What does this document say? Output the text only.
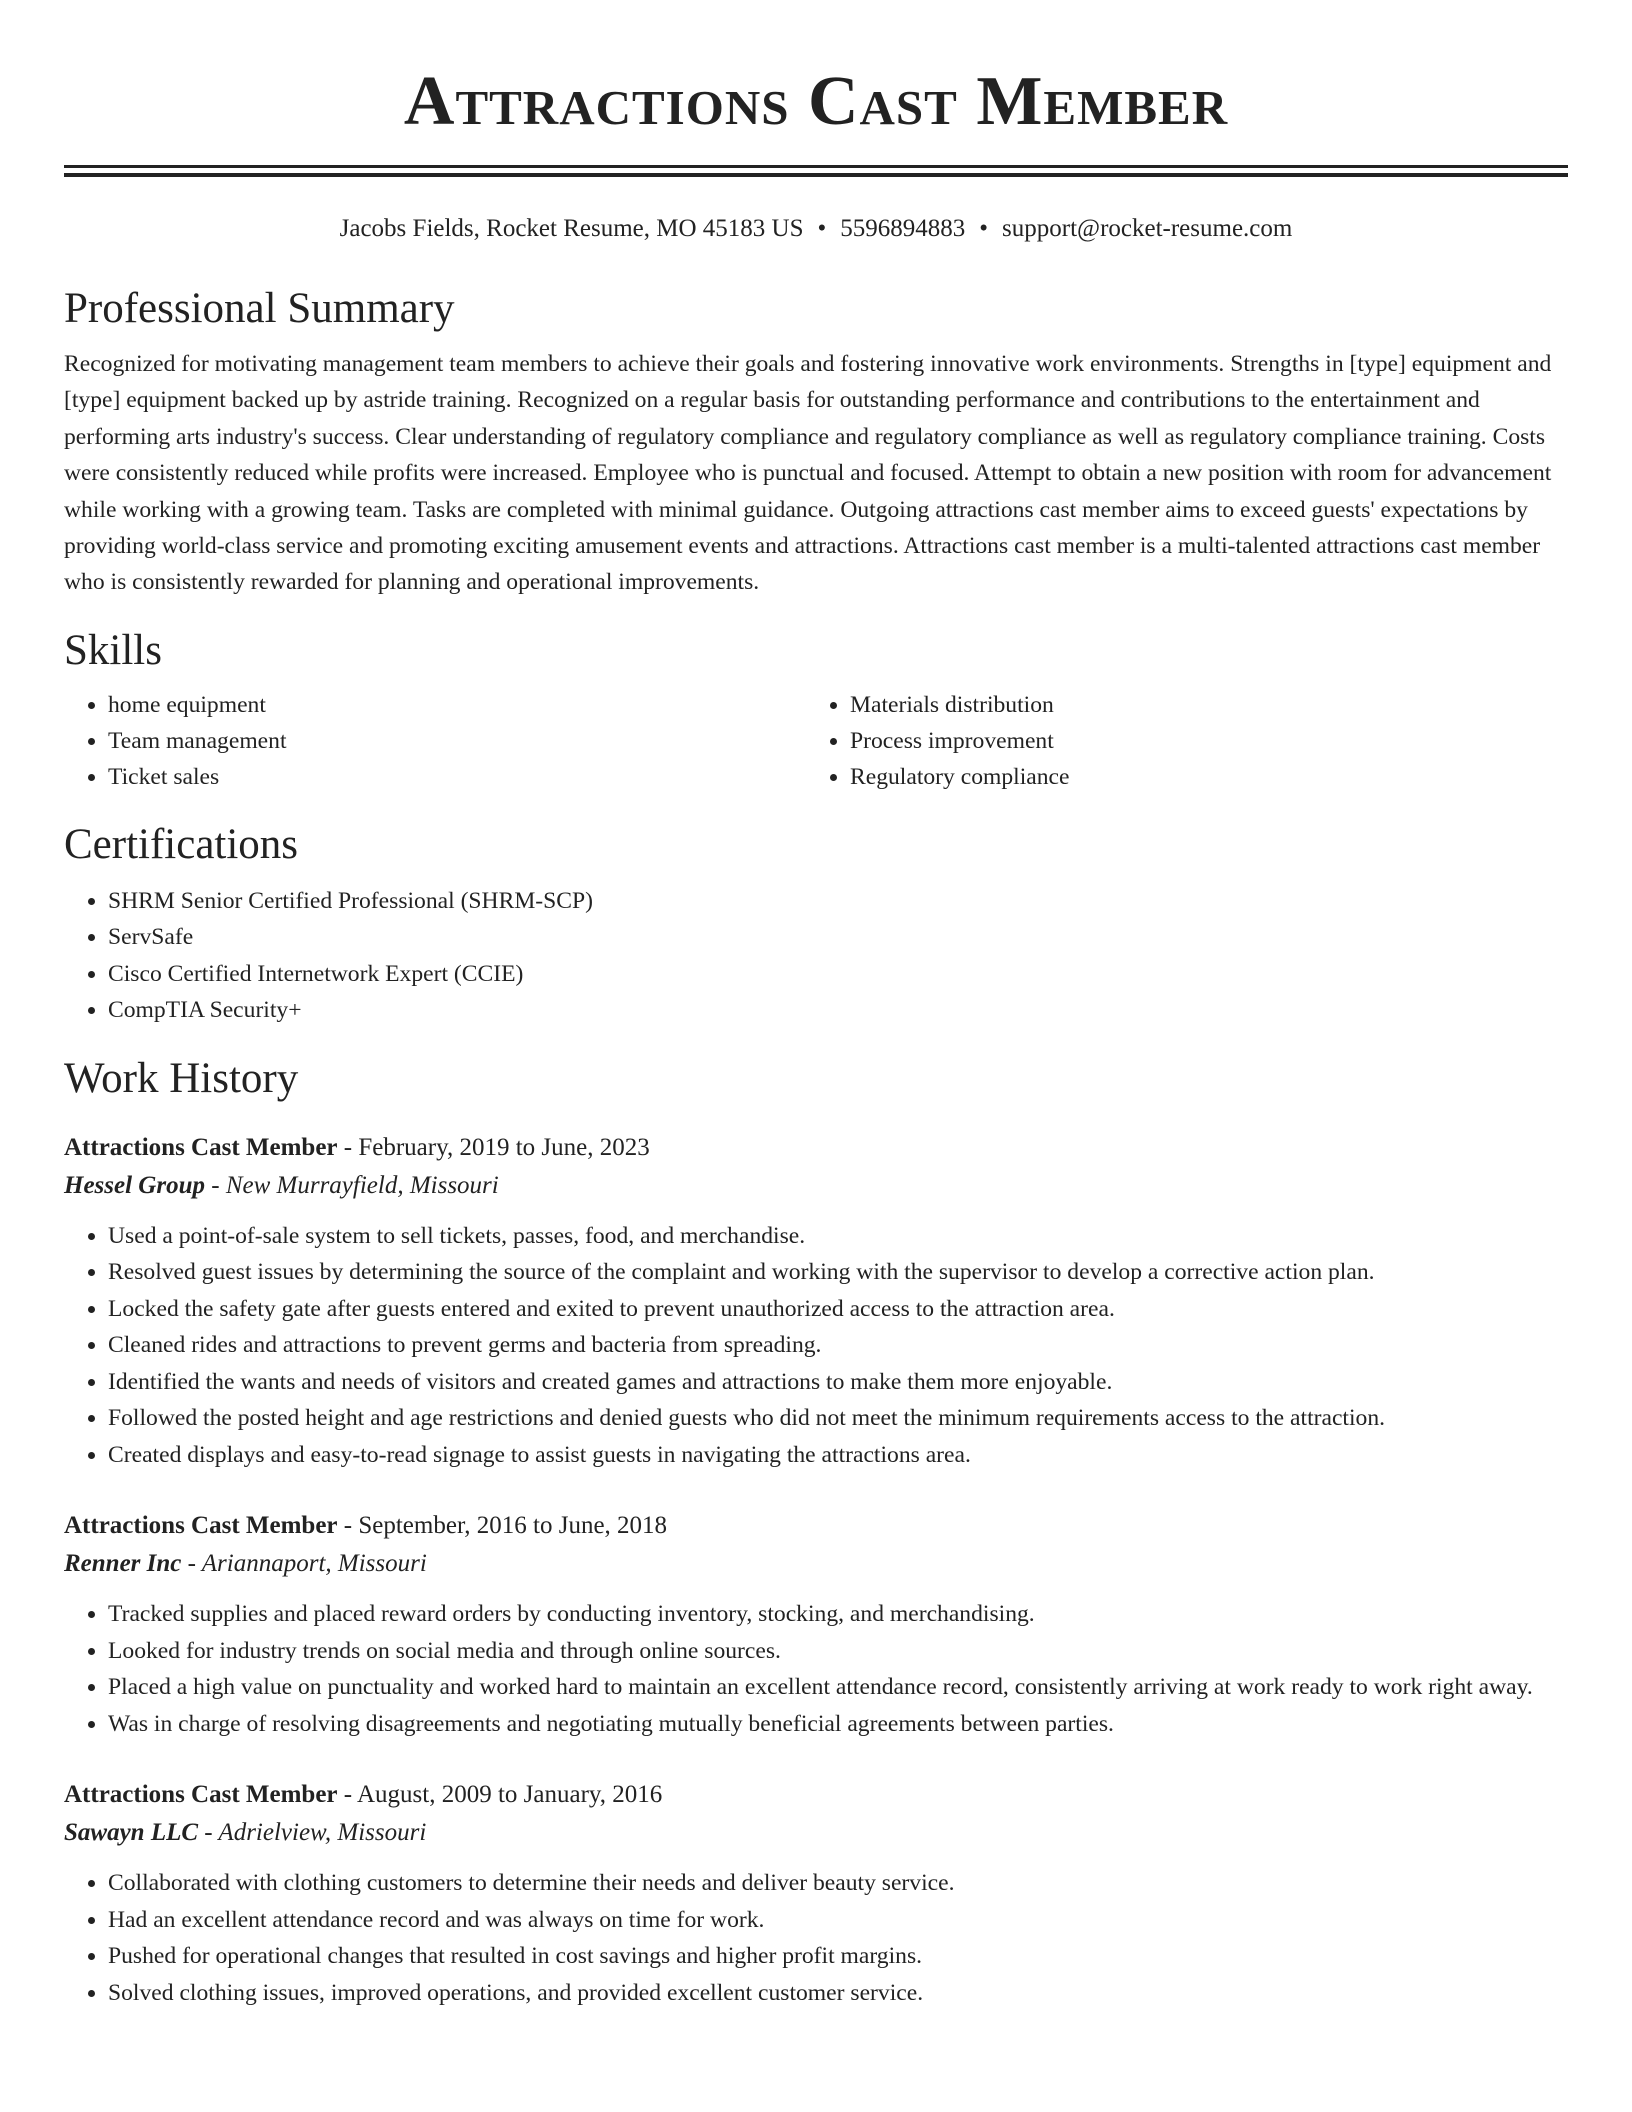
Attractions Cast Member
Jacobs Fields, Rocket Resume, MO 45183 US • 5596894883 • support@rocket-resume.com
Professional Summary

Recognized for motivating management team members to achieve their goals and fostering innovative work environments. Strengths in [type] equipment and [type] equipment backed up by astride training. Recognized on a regular basis for outstanding performance and contributions to the entertainment and performing arts industry's success. Clear understanding of regulatory compliance and regulatory compliance as well as regulatory compliance training. Costs were consistently reduced while profits were increased. Employee who is punctual and focused. Attempt to obtain a new position with room for advancement while working with a growing team. Tasks are completed with minimal guidance. Outgoing attractions cast member aims to exceed guests' expectations by providing world-class service and promoting exciting amusement events and attractions. Attractions cast member is a multi-talented attractions cast member who is consistently rewarded for planning and operational improvements.

Skills
• home equipment
• Team management
• Ticket sales
• Materials distribution
• Process improvement
• Regulatory compliance
Certifications
• SHRM Senior Certified Professional (SHRM-SCP)
• ServSafe
• Cisco Certified Internetwork Expert (CCIE)
• CompTIA Security+
Work History
Attractions Cast Member - February, 2019 to June, 2023
Hessel Group - New Murrayfield, Missouri
• Used a point-of-sale system to sell tickets, passes, food, and merchandise.
• Resolved guest issues by determining the source of the complaint and working with the supervisor to develop a corrective action plan.
• Locked the safety gate after guests entered and exited to prevent unauthorized access to the attraction area.
• Cleaned rides and attractions to prevent germs and bacteria from spreading.
• Identified the wants and needs of visitors and created games and attractions to make them more enjoyable.
• Followed the posted height and age restrictions and denied guests who did not meet the minimum requirements access to the attraction.
• Created displays and easy-to-read signage to assist guests in navigating the attractions area.
Attractions Cast Member - September, 2016 to June, 2018
Renner Inc - Ariannaport, Missouri
• Tracked supplies and placed reward orders by conducting inventory, stocking, and merchandising.
• Looked for industry trends on social media and through online sources.
• Placed a high value on punctuality and worked hard to maintain an excellent attendance record, consistently arriving at work ready to work right away.
• Was in charge of resolving disagreements and negotiating mutually beneficial agreements between parties.
Attractions Cast Member - August, 2009 to January, 2016
Sawayn LLC - Adrielview, Missouri
• Collaborated with clothing customers to determine their needs and deliver beauty service.
• Had an excellent attendance record and was always on time for work.
• Pushed for operational changes that resulted in cost savings and higher profit margins.
• Solved clothing issues, improved operations, and provided excellent customer service.
